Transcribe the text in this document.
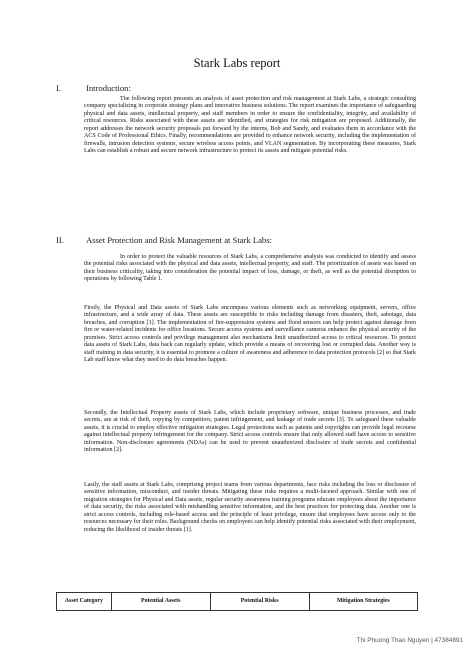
Stark Labs report
I.	Introduction:

The following report presents an analysis of asset protection and risk management at Stark Labs, a strategic consulting company specializing in corporate strategy plans and innovative business solutions. The report examines the importance of safeguarding physical and data assets, intellectual property, and staff members in order to ensure the confidentiality, integrity, and availability of critical resources. Risks associated with these assets are identified, and strategies for risk mitigation are proposed. Additionally, the report addresses the network security proposals put forward by the interns, Bob and Sandy, and evaluates them in accordance with the ACS Code of Professional Ethics. Finally, recommendations are provided to enhance network security, including the implementation of firewalls, intrusion detection systems, secure wireless access points, and VLAN segmentation. By incorporating these measures, Stark Labs can establish a robust and secure network infrastructure to protect its assets and mitigate potential risks.

II.	Asset Protection and Risk Management at Stark Labs:

In order to protect the valuable resources of Stark Labs, a comprehensive analysis was conducted to identify and assess the potential risks associated with the physical and data assets, intellectual property, and staff. The prioritization of assets was based on their business criticality, taking into consideration the potential impact of loss, damage, or theft, as well as the potential disruption to operations by following Table 1.

Firstly, the Physical and Data assets of Stark Labs encompass various elements such as networking equipment, servers, office infrastructure, and a wide array of data. These assets are susceptible to risks including damage from disasters, theft, sabotage, data breaches, and corruption [1]. The implementation of fire-suppression systems and flood sensors can help protect against damage from fire or water-related incidents for office locations. Secure access systems and surveillance cameras enhance the physical security of the premises. Strict access controls and privilege management also mechanisms limit unauthorized access to critical resources. To protect data assets of Stark Labs, data back can regularly update, which provide a means of recovering lost or corrupted data. Another way is staff training in data security, it is essential to promote a culture of awareness and adherence to data protection protocols [2] so that Stark Lab staff know what they need to do data breaches happen.

Secondly, the Intellectual Property assets of Stark Labs, which include proprietary software, unique business processes, and trade secrets, are at risk of theft, copying by competitors, patent infringement, and leakage of trade secrets [3]. To safeguard these valuable assets, it is crucial to employ effective mitigation strategies. Legal protections such as patents and copyrights can provide legal recourse against intellectual property infringement for the company. Strict access controls ensure that only allowed staff have access to sensitive information. Non-disclosure agreements (NDAs) can be used to prevent unauthorized disclosure of trade secrets and confidential information [2].

Lastly, the staff assets at Stark Labs, comprising project teams from various departments, face risks including the loss or disclosure of sensitive information, misconduct, and insider threats. Mitigating these risks requires a multi-faceted approach. Similar with one of migration strategies for Physical and Data assets, regular security awareness training programs educate employees about the importance of data security, the risks associated with mishandling sensitive information, and the best practices for protecting data. Another one is strict access controls, including role-based access and the principle of least privilege, ensure that employees have access only to the resources necessary for their roles. Background checks on employees can help identify potential risks associated with their employment, reducing the likelihood of insider threats [1].

Asset Category	Potential Assets	Potential Risks	Mitigation Strategies
Thi Phuong Thao Nguyen | 47384891
